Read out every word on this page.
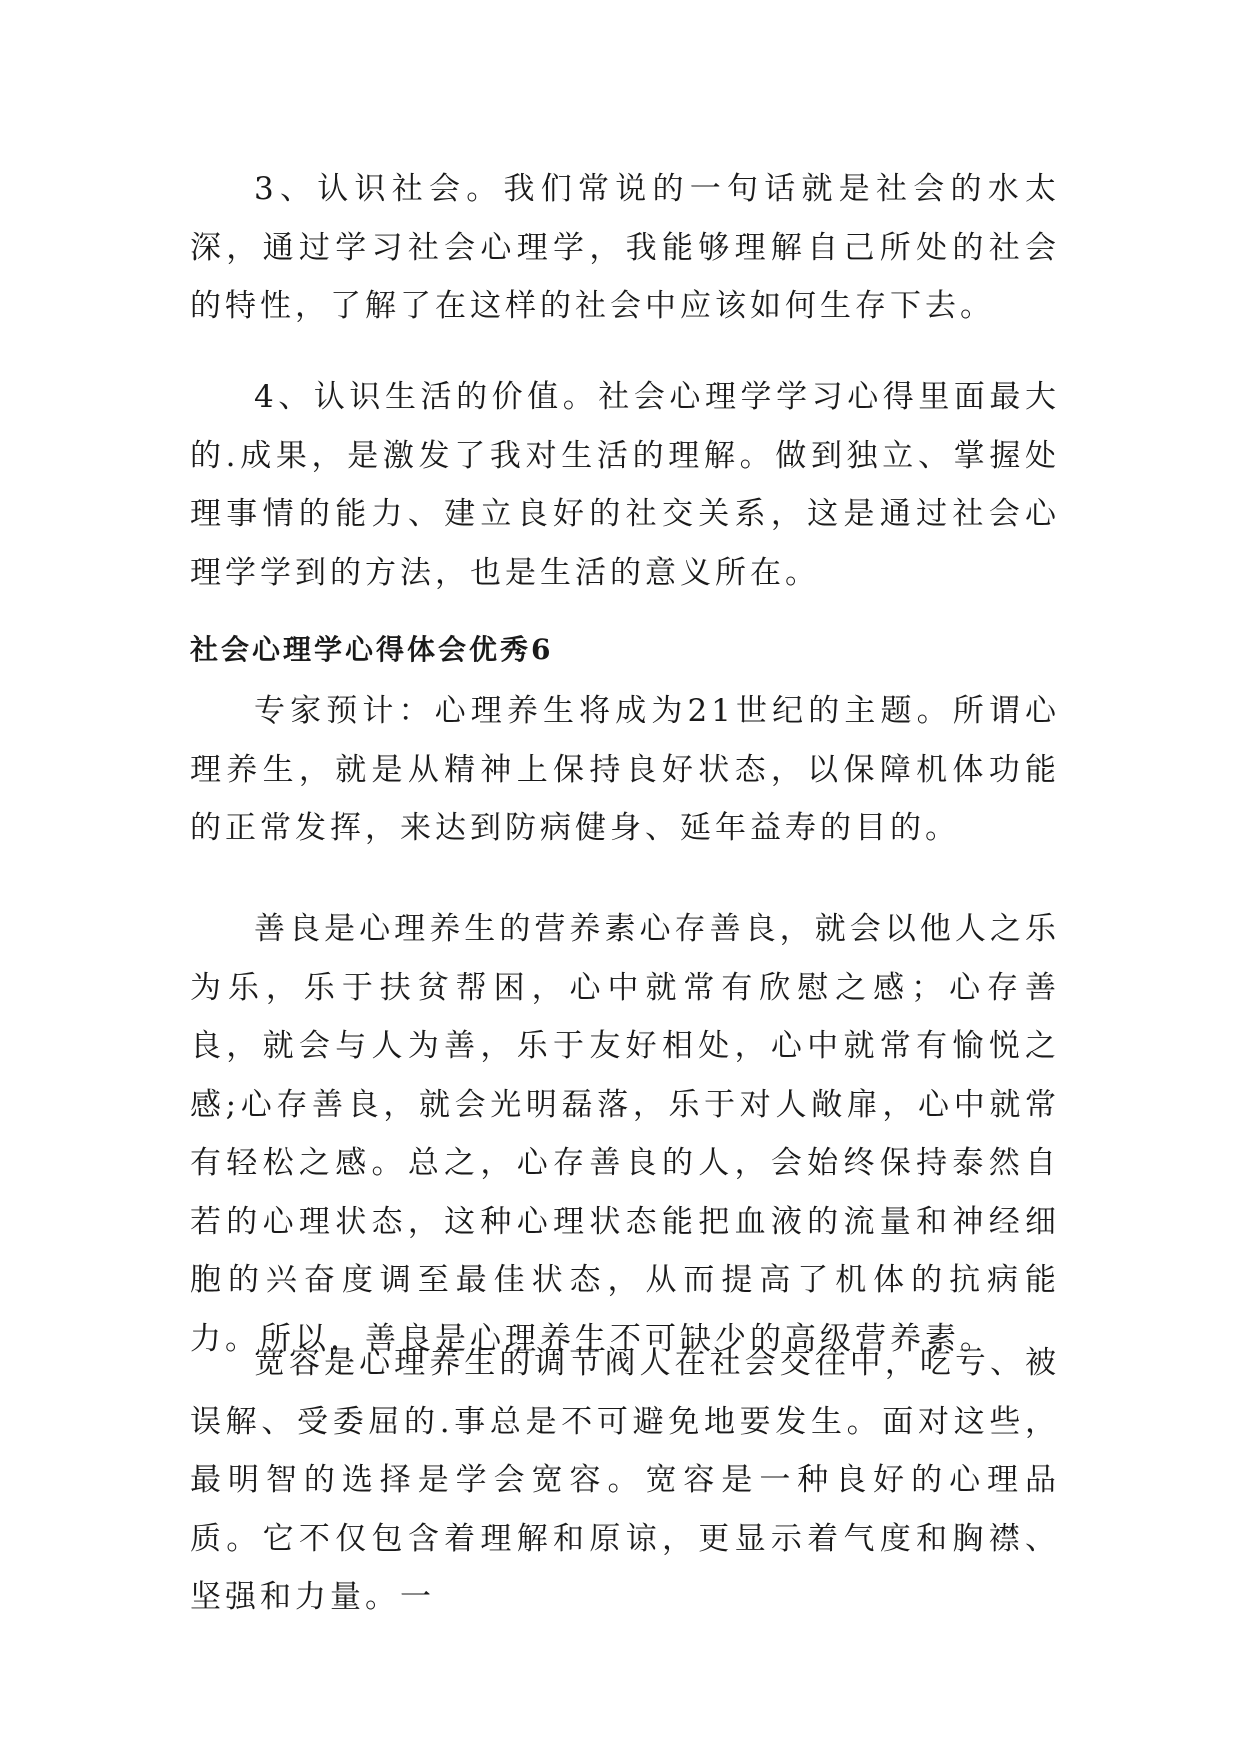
3、认识社会。我们常说的一句话就是社会的水太深，通过学习社会心理学，我能够理解自己所处的社会的特性，了解了在这样的社会中应该如何生存下去。

4、认识生活的价值。社会心理学学习心得里面最大的.成果，是激发了我对生活的理解。做到独立、掌握处理事情的能力、建立良好的社交关系，这是通过社会心理学学到的方法，也是生活的意义所在。

社会心理学心得体会优秀6

专家预计：心理养生将成为21世纪的主题。所谓心理养生，就是从精神上保持良好状态，以保障机体功能的正常发挥，来达到防病健身、延年益寿的目的。

善良是心理养生的营养素心存善良，就会以他人之乐为乐，乐于扶贫帮困，心中就常有欣慰之感；心存善良，就会与人为善，乐于友好相处，心中就常有愉悦之感;心存善良，就会光明磊落，乐于对人敞扉，心中就常有轻松之感。总之，心存善良的人，会始终保持泰然自若的心理状态，这种心理状态能把血液的流量和神经细胞的兴奋度调至最佳状态，从而提高了机体的抗病能力。所以，善良是心理养生不可缺少的高级营养素。

宽容是心理养生的调节阀人在社会交往中，吃亏、被误解、受委屈的.事总是不可避免地要发生。面对这些，最明智的选择是学会宽容。宽容是一种良好的心理品质。它不仅包含着理解和原谅，更显示着气度和胸襟、坚强和力量。一
